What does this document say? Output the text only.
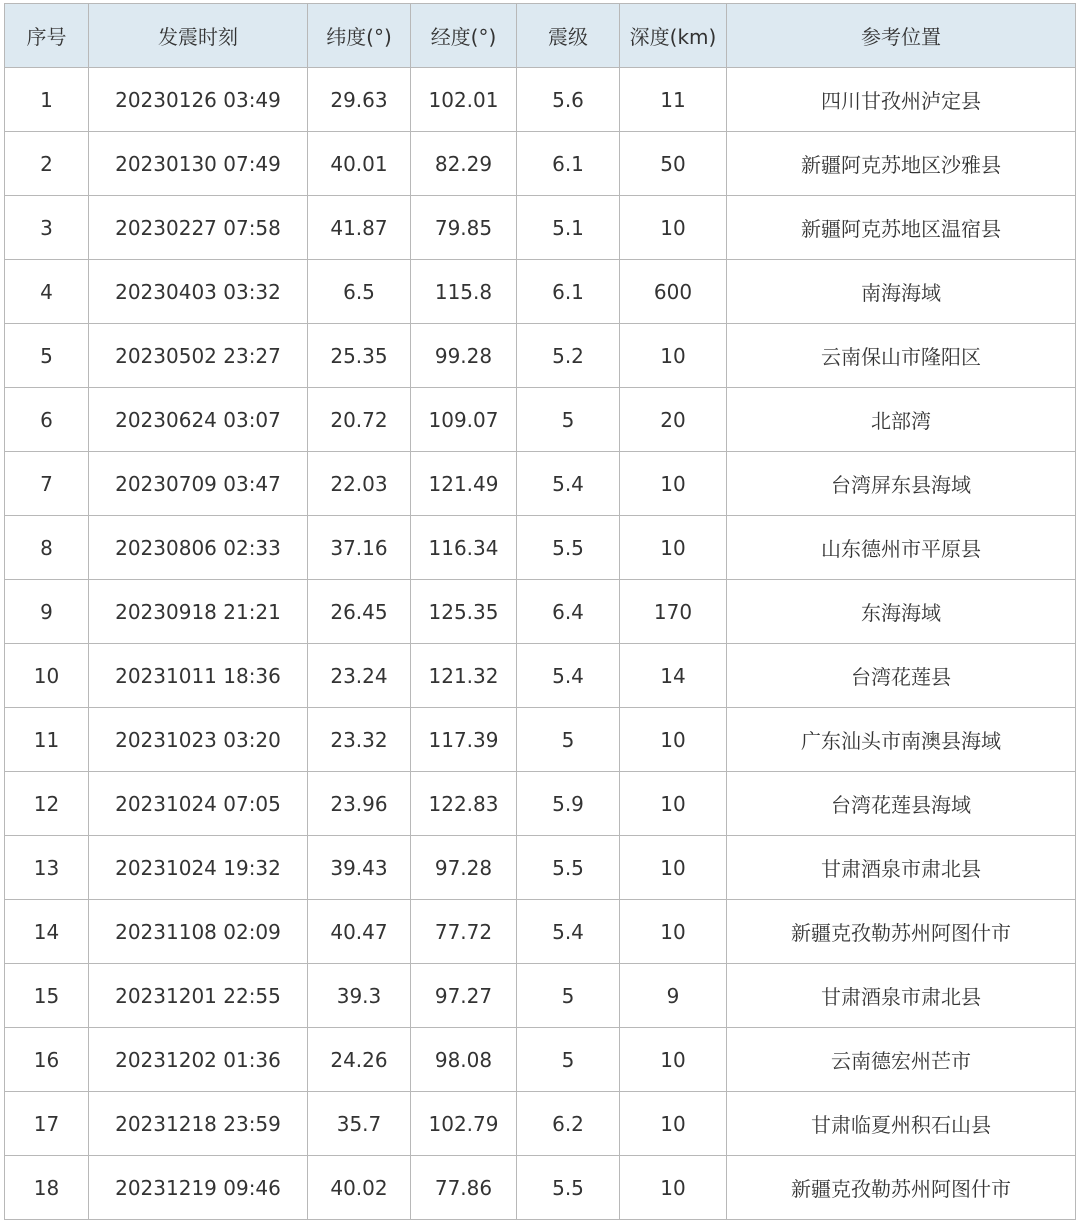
序号	发震时刻	纬度(°)	经度(°)	震级	深度(km)	参考位置
1	20230126 03:49	29.63	102.01	5.6	11	四川甘孜州泸定县
2	20230130 07:49	40.01	82.29	6.1	50	新疆阿克苏地区沙雅县
3	20230227 07:58	41.87	79.85	5.1	10	新疆阿克苏地区温宿县
4	20230403 03:32	6.5	115.8	6.1	600	南海海域
5	20230502 23:27	25.35	99.28	5.2	10	云南保山市隆阳区
6	20230624 03:07	20.72	109.07	5	20	北部湾
7	20230709 03:47	22.03	121.49	5.4	10	台湾屏东县海域
8	20230806 02:33	37.16	116.34	5.5	10	山东德州市平原县
9	20230918 21:21	26.45	125.35	6.4	170	东海海域
10	20231011 18:36	23.24	121.32	5.4	14	台湾花莲县
11	20231023 03:20	23.32	117.39	5	10	广东汕头市南澳县海域
12	20231024 07:05	23.96	122.83	5.9	10	台湾花莲县海域
13	20231024 19:32	39.43	97.28	5.5	10	甘肃酒泉市肃北县
14	20231108 02:09	40.47	77.72	5.4	10	新疆克孜勒苏州阿图什市
15	20231201 22:55	39.3	97.27	5	9	甘肃酒泉市肃北县
16	20231202 01:36	24.26	98.08	5	10	云南德宏州芒市
17	20231218 23:59	35.7	102.79	6.2	10	甘肃临夏州积石山县
18	20231219 09:46	40.02	77.86	5.5	10	新疆克孜勒苏州阿图什市
